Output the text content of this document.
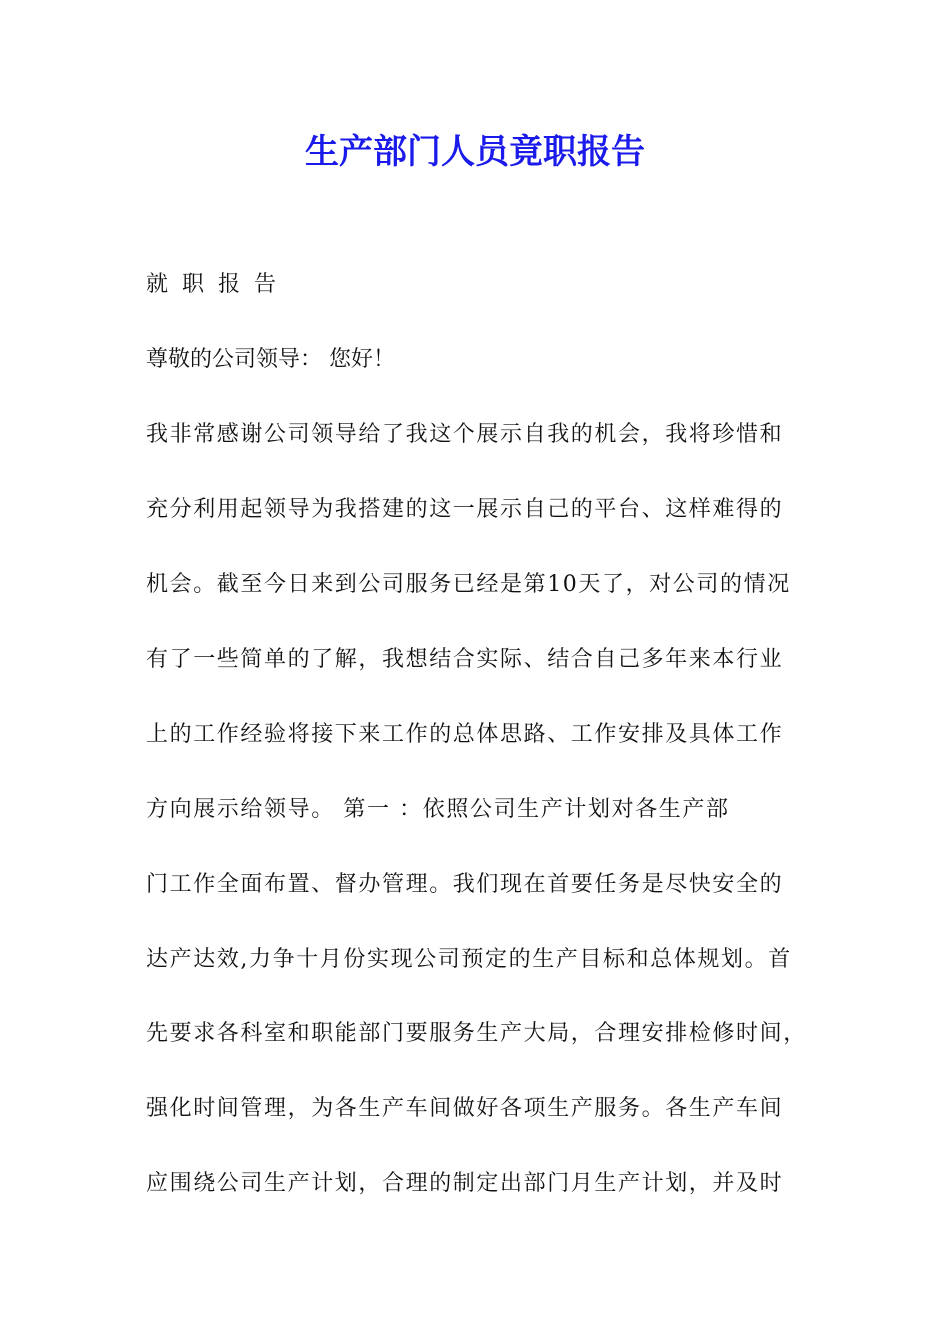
生产部门人员竟职报告

就职报告

尊敬的公司领导： 您好！

我非常感谢公司领导给了我这个展示自我的机会，我将珍惜和

充分利用起领导为我搭建的这一展示自己的平台、这样难得的

机会。截至今日来到公司服务已经是第10天了，对公司的情况

有了一些简单的了解，我想结合实际、结合自己多年来本行业

上的工作经验将接下来工作的总体思路、工作安排及具体工作

方向展示给领导。 第一 ：依照公司生产计划对各生产部

门工作全面布置、督办管理。我们现在首要任务是尽快安全的

达产达效,力争十月份实现公司预定的生产目标和总体规划。首

先要求各科室和职能部门要服务生产大局，合理安排检修时间，

强化时间管理，为各生产车间做好各项生产服务。各生产车间

应围绕公司生产计划，合理的制定出部门月生产计划，并及时
